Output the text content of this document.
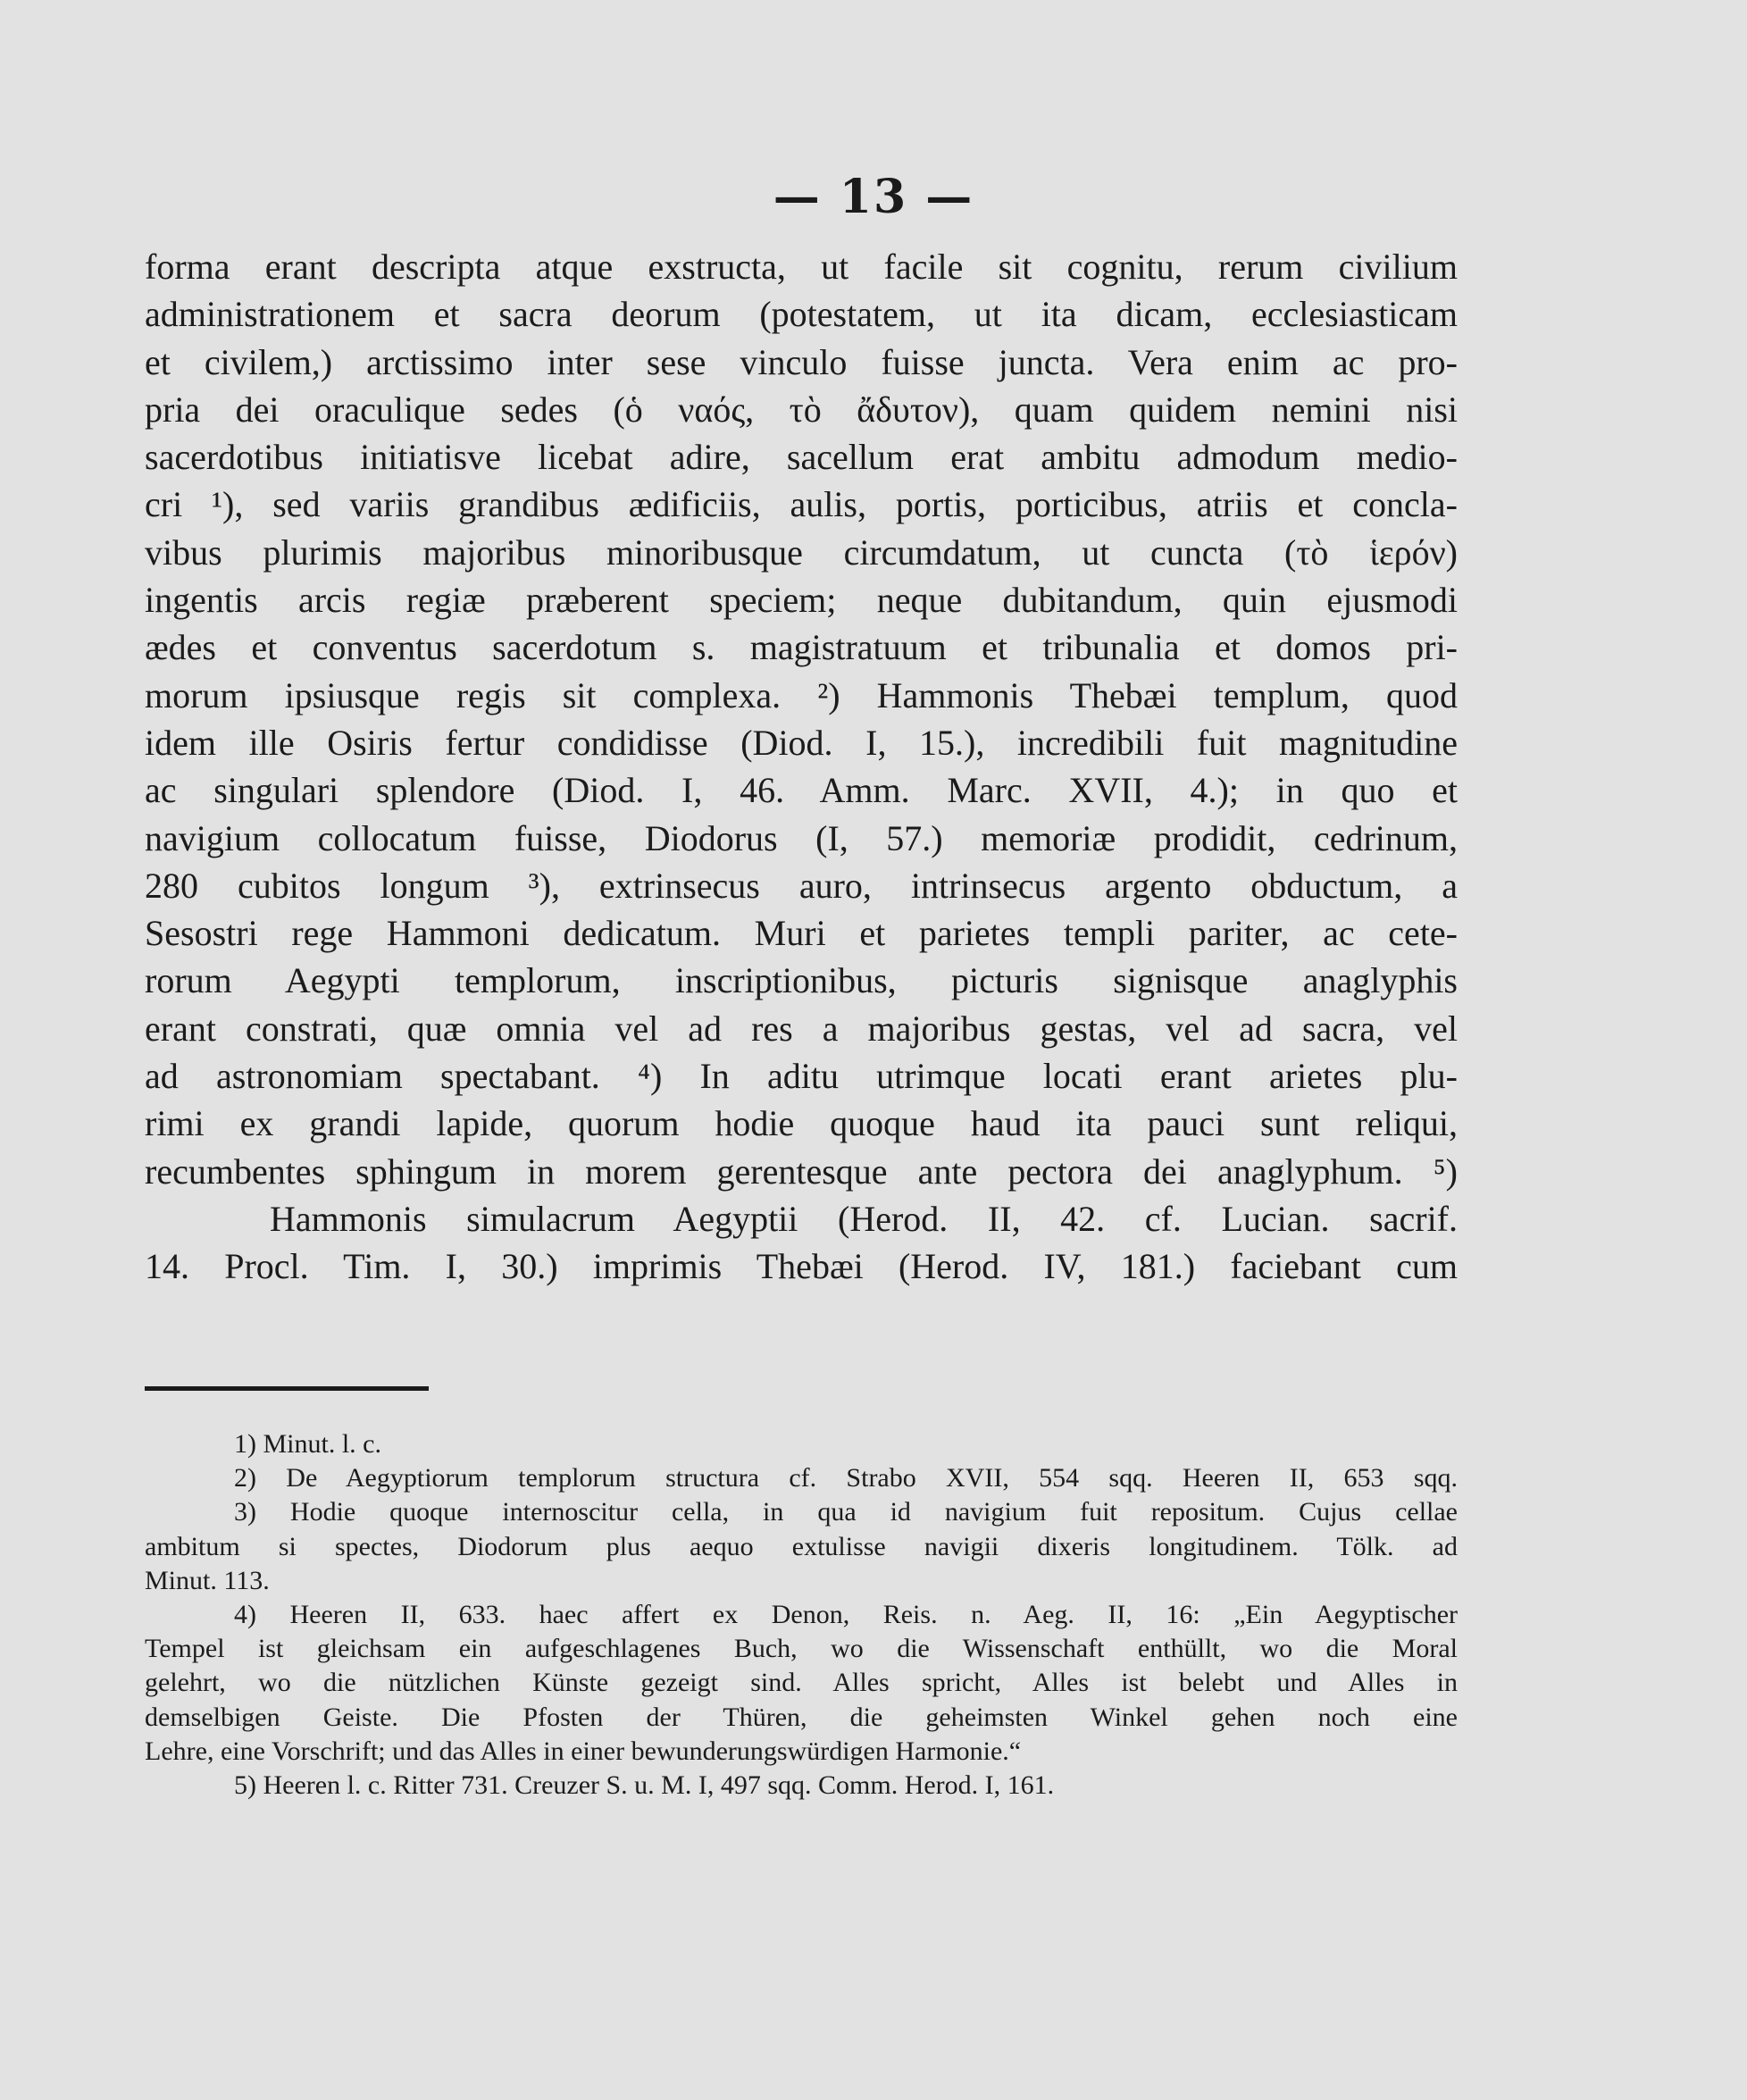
— 13 —
forma erant descripta atque exstructa, ut facile sit cognitu, rerum civilium
administrationem et sacra deorum (potestatem, ut ita dicam, ecclesiasticam
et civilem,) arctissimo inter sese vinculo fuisse juncta. Vera enim ac pro-
pria dei oraculique sedes (ὁ ναός, τὸ ἄδυτον), quam quidem nemini nisi
sacerdotibus initiatisve licebat adire, sacellum erat ambitu admodum medio-
cri ¹), sed variis grandibus ædificiis, aulis, portis, porticibus, atriis et concla-
vibus plurimis majoribus minoribusque circumdatum, ut cuncta (τὸ ἱερόν)
ingentis arcis regiæ præberent speciem; neque dubitandum, quin ejusmodi
ædes et conventus sacerdotum s. magistratuum et tribunalia et domos pri-
morum ipsiusque regis sit complexa. ²) Hammonis Thebæi templum, quod
idem ille Osiris fertur condidisse (Diod. I, 15.), incredibili fuit magnitudine
ac singulari splendore (Diod. I, 46. Amm. Marc. XVII, 4.); in quo et
navigium collocatum fuisse, Diodorus (I, 57.) memoriæ prodidit, cedrinum,
280 cubitos longum ³), extrinsecus auro, intrinsecus argento obductum, a
Sesostri rege Hammoni dedicatum. Muri et parietes templi pariter, ac cete-
rorum Aegypti templorum, inscriptionibus, picturis signisque anaglyphis
erant constrati, quæ omnia vel ad res a majoribus gestas, vel ad sacra, vel
ad astronomiam spectabant. ⁴) In aditu utrimque locati erant arietes plu-
rimi ex grandi lapide, quorum hodie quoque haud ita pauci sunt reliqui,
recumbentes sphingum in morem gerentesque ante pectora dei anaglyphum. ⁵)
Hammonis simulacrum Aegyptii (Herod. II, 42. cf. Lucian. sacrif.
14. Procl. Tim. I, 30.) imprimis Thebæi (Herod. IV, 181.) faciebant cum
1) Minut. l. c.
2) De Aegyptiorum templorum structura cf. Strabo XVII, 554 sqq. Heeren II, 653 sqq.
3) Hodie quoque internoscitur cella, in qua id navigium fuit repositum. Cujus cellae
ambitum si spectes, Diodorum plus aequo extulisse navigii dixeris longitudinem. Tölk. ad
Minut. 113.
4) Heeren II, 633. haec affert ex Denon, Reis. n. Aeg. II, 16: „Ein Aegyptischer
Tempel ist gleichsam ein aufgeschlagenes Buch, wo die Wissenschaft enthüllt, wo die Moral
gelehrt, wo die nützlichen Künste gezeigt sind. Alles spricht, Alles ist belebt und Alles in
demselbigen Geiste. Die Pfosten der Thüren, die geheimsten Winkel gehen noch eine
Lehre, eine Vorschrift; und das Alles in einer bewunderungswürdigen Harmonie.“
5) Heeren l. c. Ritter 731. Creuzer S. u. M. I, 497 sqq. Comm. Herod. I, 161.
